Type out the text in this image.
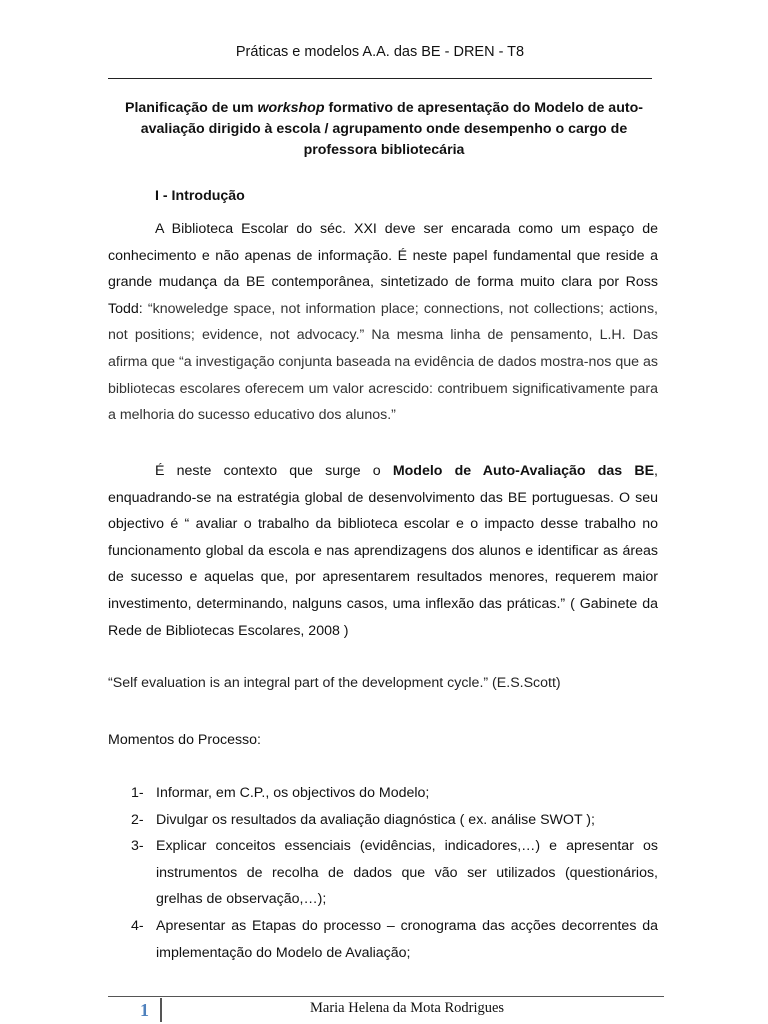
Práticas e modelos A.A. das BE - DREN - T8
Planificação de um workshop formativo de apresentação do Modelo de auto-avaliação dirigido à escola / agrupamento onde desempenho o cargo de professora bibliotecária
I - Introdução

A Biblioteca Escolar do séc. XXI deve ser encarada como um espaço de conhecimento e não apenas de informação. É neste papel fundamental que reside a grande mudança da BE contemporânea, sintetizado de forma muito clara por Ross Todd: “knoweledge space, not information place; connections, not collections; actions, not positions; evidence, not advocacy.” Na mesma linha de pensamento, L.H. Das afirma que “a investigação conjunta baseada na evidência de dados mostra-nos que as bibliotecas escolares oferecem um valor acrescido: contribuem significativamente para a melhoria do sucesso educativo dos alunos.”

É neste contexto que surge o Modelo de Auto-Avaliação das BE, enquadrando-se na estratégia global de desenvolvimento das BE portuguesas. O seu objectivo é “ avaliar o trabalho da biblioteca escolar e o impacto desse trabalho no funcionamento global da escola e nas aprendizagens dos alunos e identificar as áreas de sucesso e aquelas que, por apresentarem resultados menores, requerem maior investimento, determinando, nalguns casos, uma inflexão das práticas.” ( Gabinete da Rede de Bibliotecas Escolares, 2008 )

“Self evaluation is an integral part of the development cycle.” (E.S.Scott)
Momentos do Processo:
1- Informar, em C.P., os objectivos do Modelo;
2- Divulgar os resultados da avaliação diagnóstica ( ex. análise SWOT );
3- Explicar conceitos essenciais (evidências, indicadores,…) e apresentar os instrumentos de recolha de dados que vão ser utilizados (questionários, grelhas de observação,…);
4- Apresentar as Etapas do processo – cronograma das acções decorrentes da implementação do Modelo de Avaliação;
1	Maria Helena da Mota Rodrigues
